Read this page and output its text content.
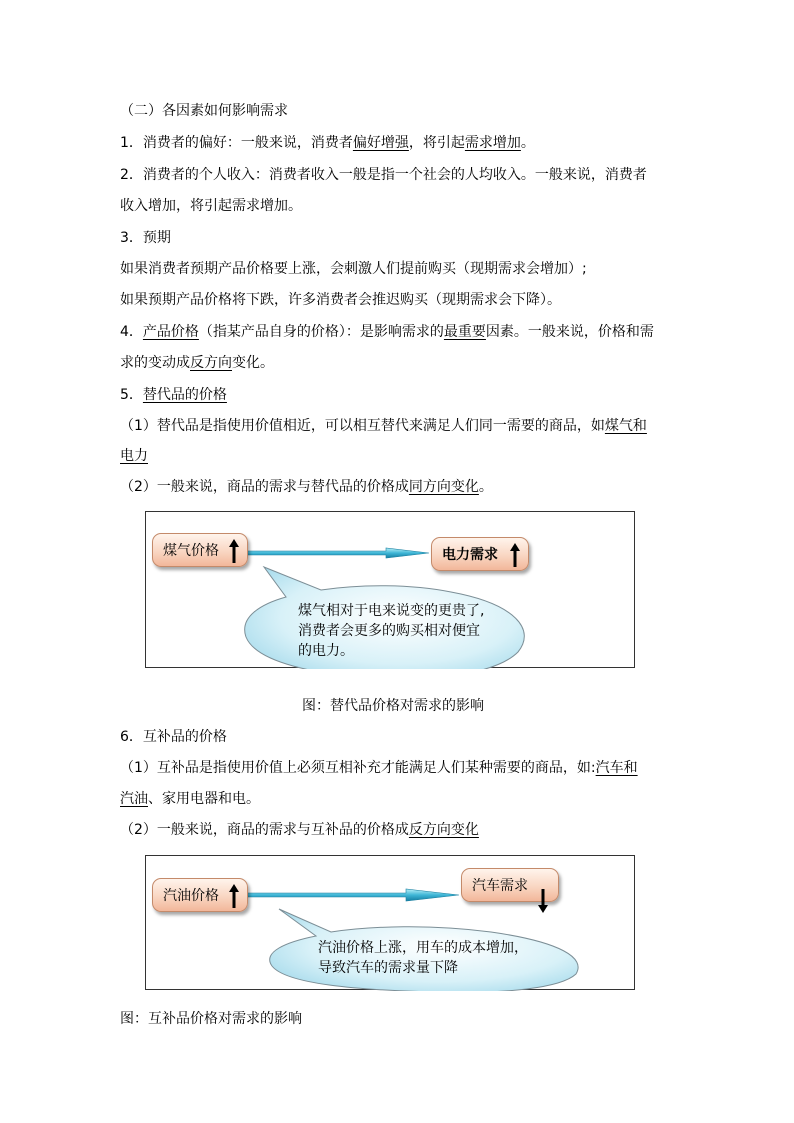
（二）各因素如何影响需求
1．消费者的偏好：一般来说，消费者偏好增强，将引起需求增加。
2．消费者的个人收入：消费者收入一般是指一个社会的人均收入。一般来说，消费者
收入增加，将引起需求增加。
3．预期
如果消费者预期产品价格要上涨，会刺激人们提前购买（现期需求会增加）;
如果预期产品价格将下跌，许多消费者会推迟购买（现期需求会下降）。
4．产品价格（指某产品自身的价格）：是影响需求的最重要因素。一般来说，价格和需
求的变动成反方向变化。
5．替代品的价格
（1）替代品是指使用价值相近，可以相互替代来满足人们同一需要的商品，如煤气和
电力
（2）一般来说，商品的需求与替代品的价格成同方向变化。
煤气价格	电力需求
煤气相对于电来说变的更贵了,
消费者会更多的购买相对便宜
的电力。
图：替代品价格对需求的影响
6．互补品的价格
（1）互补品是指使用价值上必须互相补充才能满足人们某种需要的商品，如:汽车和
汽油、家用电器和电。
（2）一般来说，商品的需求与互补品的价格成反方向变化
汽油价格
汽车需求
汽油价格上涨，用车的成本增加，
导致汽车的需求量下降
图：互补品价格对需求的影响
